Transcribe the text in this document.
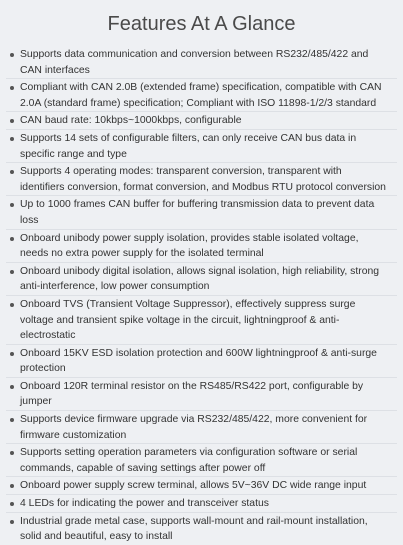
Features At A Glance
Supports data communication and conversion between RS232/485/422 and CAN interfaces
Compliant with CAN 2.0B (extended frame) specification, compatible with CAN 2.0A (standard frame) specification; Compliant with ISO 11898-1/2/3 standard
CAN baud rate: 10kbps~1000kbps, configurable
Supports 14 sets of configurable filters, can only receive CAN bus data in specific range and type
Supports 4 operating modes: transparent conversion, transparent with identifiers conversion, format conversion, and Modbus RTU protocol conversion
Up to 1000 frames CAN buffer for buffering transmission data to prevent data loss
Onboard unibody power supply isolation, provides stable isolated voltage, needs no extra power supply for the isolated terminal
Onboard unibody digital isolation, allows signal isolation, high reliability, strong anti-interference, low power consumption
Onboard TVS (Transient Voltage Suppressor), effectively suppress surge voltage and transient spike voltage in the circuit, lightningproof & anti-electrostatic
Onboard 15KV ESD isolation protection and 600W lightningproof & anti-surge protection
Onboard 120R terminal resistor on the RS485/RS422 port, configurable by jumper
Supports device firmware upgrade via RS232/485/422, more convenient for firmware customization
Supports setting operation parameters via configuration software or serial commands, capable of saving settings after power off
Onboard power supply screw terminal, allows 5V~36V DC wide range input
4 LEDs for indicating the power and transceiver status
Industrial grade metal case, supports wall-mount and rail-mount installation, solid and beautiful, easy to install
